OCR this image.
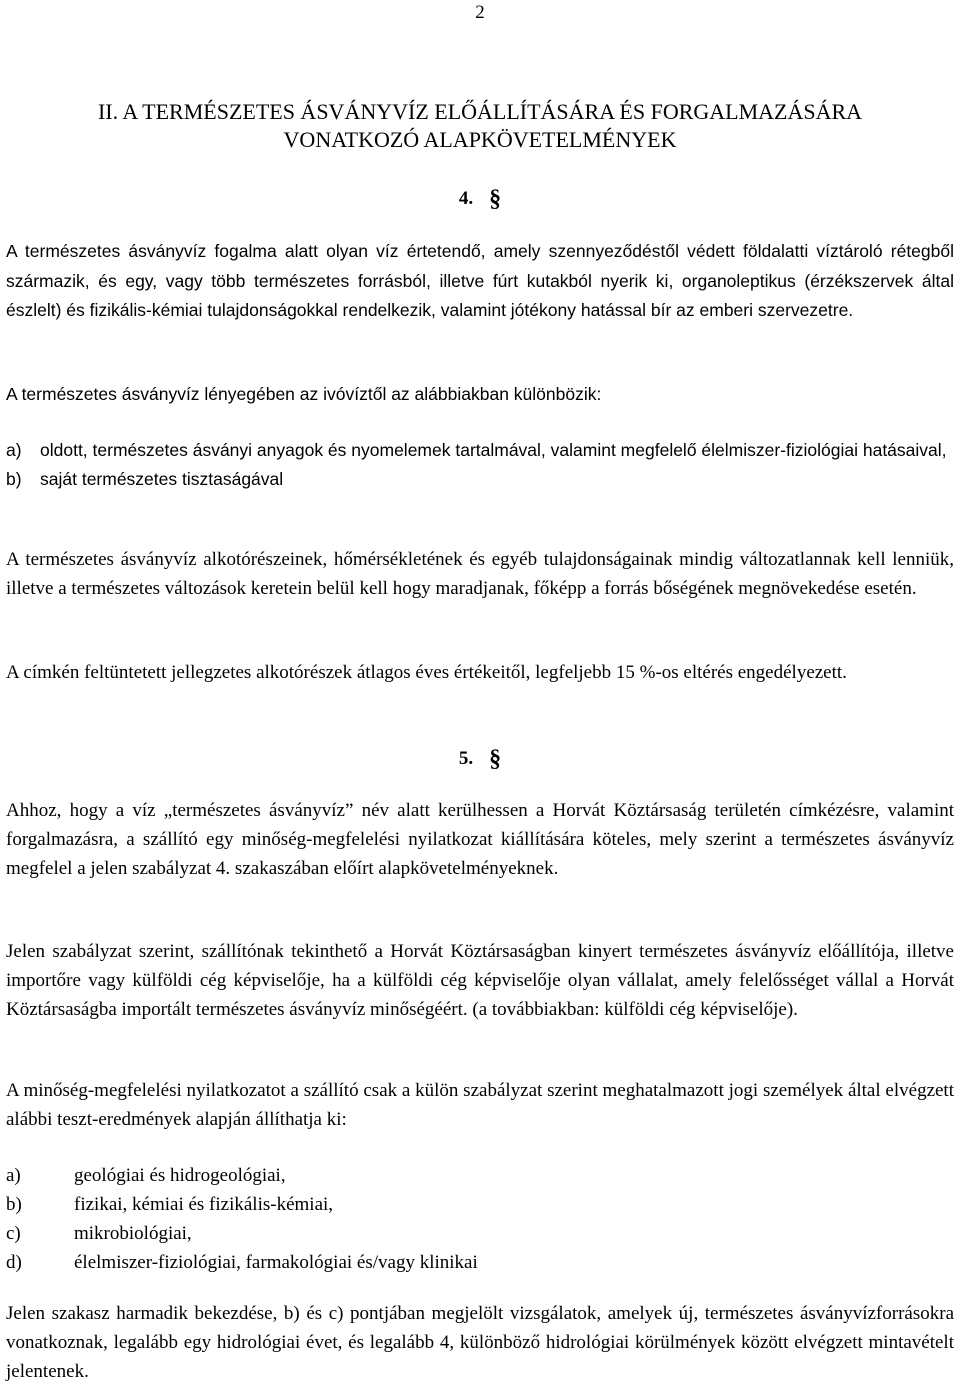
2
II. A TERMÉSZETES ÁSVÁNYVÍZ ELŐÁLLÍTÁSÁRA ÉS FORGALMAZÁSÁRA
VONATKOZÓ ALAPKÖVETELMÉNYEK
4. §

A természetes ásványvíz fogalma alatt olyan víz értetendő, amely szennyeződéstől védett földalatti víztároló rétegből származik, és egy, vagy több természetes forrásból, illetve fúrt kutakból nyerik ki, organoleptikus (érzékszervek által észlelt) és fizikális-kémiai tulajdonságokkal rendelkezik, valamint jótékony hatással bír az emberi szervezetre.

A természetes ásványvíz lényegében az ivóvíztől az alábbiakban különbözik:

a) oldott, természetes ásványi anyagok és nyomelemek tartalmával, valamint megfelelő élelmiszer-fiziológiai hatásaival,
b) saját természetes tisztaságával

A természetes ásványvíz alkotórészeinek, hőmérsékletének és egyéb tulajdonságainak mindig változatlannak kell lenniük, illetve a természetes változások keretein belül kell hogy maradjanak, főképp a forrás bőségének megnövekedése esetén.

A címkén feltüntetett jellegzetes alkotórészek átlagos éves értékeitől, legfeljebb 15 %-os eltérés engedélyezett.

5. §

Ahhoz, hogy a víz „természetes ásványvíz” név alatt kerülhessen a Horvát Köztársaság területén címkézésre, valamint forgalmazásra, a szállító egy minőség-megfelelési nyilatkozat kiállítására köteles, mely szerint a természetes ásványvíz megfelel a jelen szabályzat 4. szakaszában előírt alapkövetelményeknek.

Jelen szabályzat szerint, szállítónak tekinthető a Horvát Köztársaságban kinyert természetes ásványvíz előállítója, illetve importőre vagy külföldi cég képviselője, ha a külföldi cég képviselője olyan vállalat, amely felelősséget vállal a Horvát Köztársaságba importált természetes ásványvíz minőségéért. (a továbbiakban: külföldi cég képviselője).

A minőség-megfelelési nyilatkozatot a szállító csak a külön szabályzat szerint meghatalmazott jogi személyek által elvégzett alábbi teszt-eredmények alapján állíthatja ki:

a)	geológiai és hidrogeológiai,
b)	fizikai, kémiai és fizikális-kémiai,
c)	mikrobiológiai,
d)	élelmiszer-fiziológiai, farmakológiai és/vagy klinikai

Jelen szakasz harmadik bekezdése, b) és c) pontjában megjelölt vizsgálatok, amelyek új, természetes ásványvízforrásokra vonatkoznak, legalább egy hidrológiai évet, és legalább 4, különböző hidrológiai körülmények között elvégzett mintavételt jelentenek.
